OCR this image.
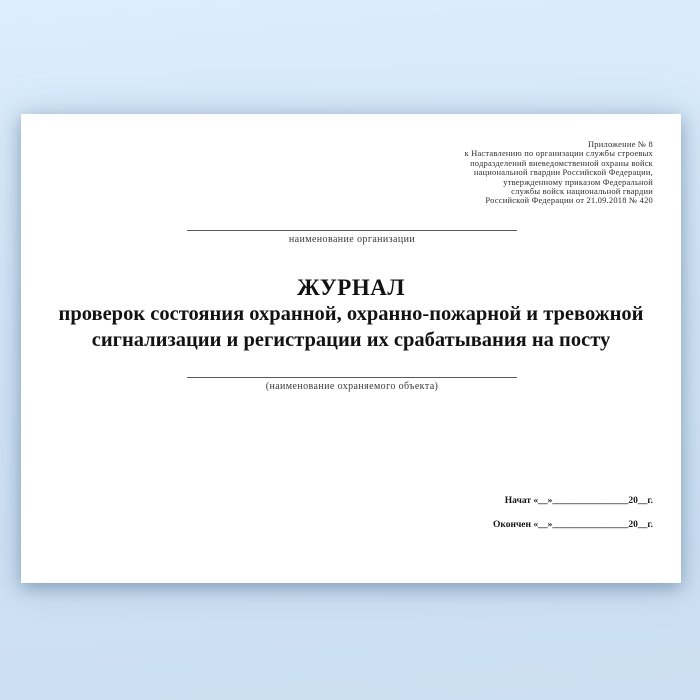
Приложение № 8
к Наставлению по организации службы строевых
подразделений вневедомственной охраны войск
национальной гвардии Российской Федерации,
утвержденному приказом Федеральной
службы войск национальной гвардии
Российской Федерации от 21.09.2018 № 420
наименование организации
ЖУРНАЛ
проверок состояния охранной, охранно-пожарной и тревожной
сигнализации и регистрации их срабатывания на посту
(наименование охраняемого объекта)
Начат «__»________________20__г.
Окончен «__»________________20__г.
